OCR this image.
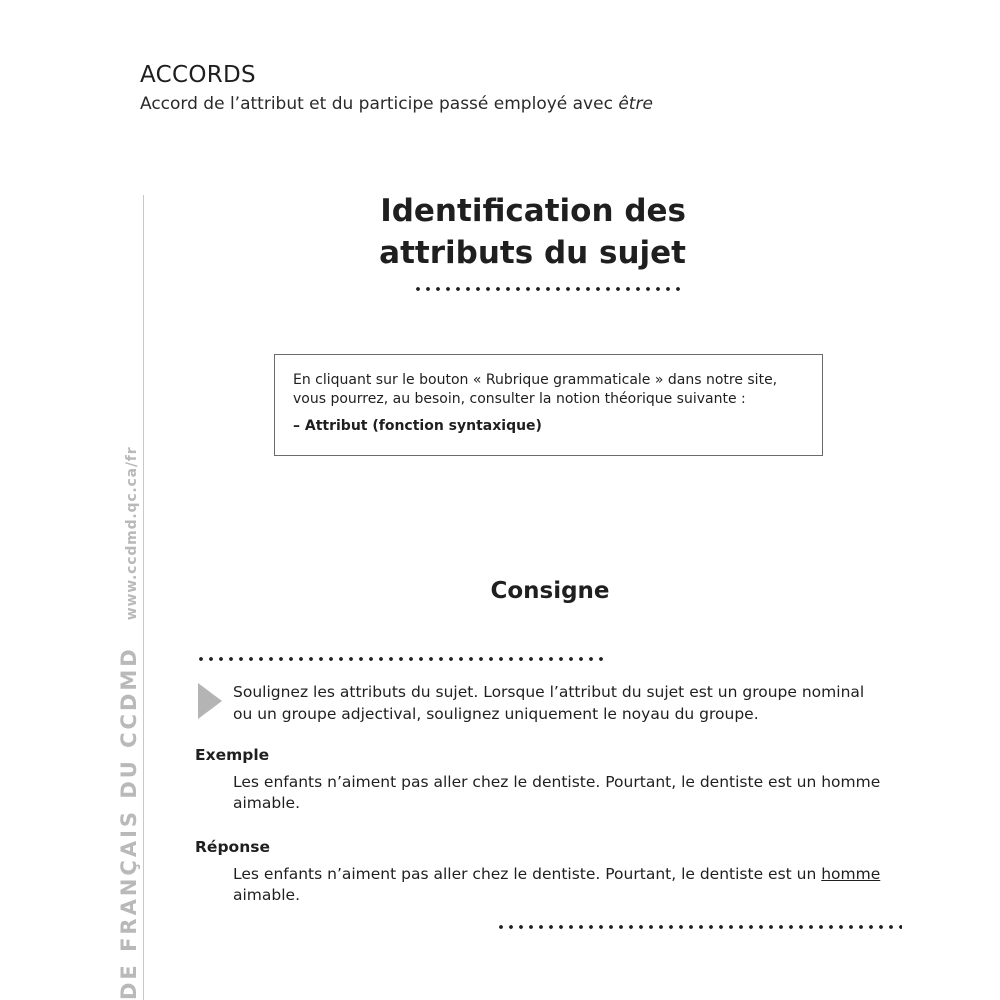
ACCORDS
Accord de l’attribut et du participe passé employé avec être
DE FRANÇAIS DU CCDMDwww.ccdmd.qc.ca/fr
Identification des
attributs du sujet
En cliquant sur le bouton « Rubrique grammaticale » dans notre site,
vous pourrez, au besoin, consulter la notion théorique suivante :
– Attribut (fonction syntaxique)
Consigne
Soulignez les attributs du sujet. Lorsque l’attribut du sujet est un groupe nominal
ou un groupe adjectival, soulignez uniquement le noyau du groupe.
Exemple
Les enfants n’aiment pas aller chez le dentiste. Pourtant, le dentiste est un homme
aimable.
Réponse
Les enfants n’aiment pas aller chez le dentiste. Pourtant, le dentiste est un homme
aimable.
